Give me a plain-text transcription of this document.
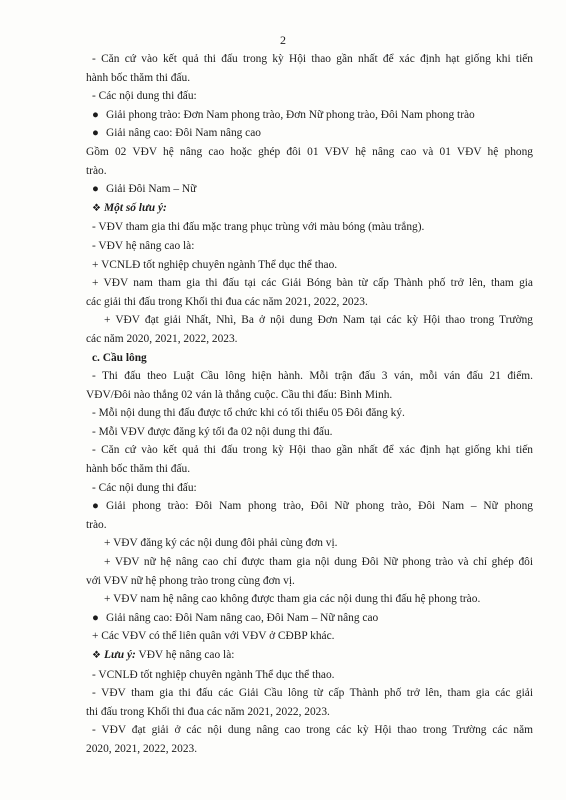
2
- Căn cứ vào kết quả thi đấu trong kỳ Hội thao gần nhất để xác định hạt giống khi tiến
hành bốc thăm thi đấu.
- Các nội dung thi đấu:
● Giải phong trào: Đơn Nam phong trào, Đơn Nữ phong trào, Đôi Nam phong trào
● Giải nâng cao: Đôi Nam nâng cao
Gồm 02 VĐV hệ nâng cao hoặc ghép đôi 01 VĐV hệ nâng cao và 01 VĐV hệ phong
trào.
● Giải Đôi Nam – Nữ
❖ Một số lưu ý:
- VĐV tham gia thi đấu mặc trang phục trùng với màu bóng (màu trắng).
- VĐV hệ nâng cao là:
+ VCNLĐ tốt nghiệp chuyên ngành Thể dục thể thao.
+ VĐV nam tham gia thi đấu tại các Giải Bóng bàn từ cấp Thành phố trở lên, tham gia
các giải thi đấu trong Khối thi đua các năm 2021, 2022, 2023.
+ VĐV đạt giải Nhất, Nhì, Ba ở nội dung Đơn Nam tại các kỳ Hội thao trong Trường
các năm 2020, 2021, 2022, 2023.
c. Cầu lông
- Thi đấu theo Luật Cầu lông hiện hành. Mỗi trận đấu 3 ván, mỗi ván đấu 21 điểm.
VĐV/Đôi nào thắng 02 ván là thắng cuộc. Cầu thi đấu: Bình Minh.
- Mỗi nội dung thi đấu được tổ chức khi có tối thiểu 05 Đôi đăng ký.
- Mỗi VĐV được đăng ký tối đa 02 nội dung thi đấu.
- Căn cứ vào kết quả thi đấu trong kỳ Hội thao gần nhất để xác định hạt giống khi tiến
hành bốc thăm thi đấu.
- Các nội dung thi đấu:
● Giải phong trào: Đôi Nam phong trào, Đôi Nữ phong trào, Đôi Nam – Nữ phong
trào.
+ VĐV đăng ký các nội dung đôi phải cùng đơn vị.
+ VĐV nữ hệ nâng cao chỉ được tham gia nội dung Đôi Nữ phong trào và chỉ ghép đôi
với VĐV nữ hệ phong trào trong cùng đơn vị.
+ VĐV nam hệ nâng cao không được tham gia các nội dung thi đấu hệ phong trào.
● Giải nâng cao: Đôi Nam nâng cao, Đôi Nam – Nữ nâng cao
+ Các VĐV có thể liên quân với VĐV ở CĐBP khác.
❖ Lưu ý: VĐV hệ nâng cao là:
- VCNLĐ tốt nghiệp chuyên ngành Thể dục thể thao.
- VĐV tham gia thi đấu các Giải Cầu lông từ cấp Thành phố trở lên, tham gia các giải
thi đấu trong Khối thi đua các năm 2021, 2022, 2023.
- VĐV đạt giải ở các nội dung nâng cao trong các kỳ Hội thao trong Trường các năm
2020, 2021, 2022, 2023.
